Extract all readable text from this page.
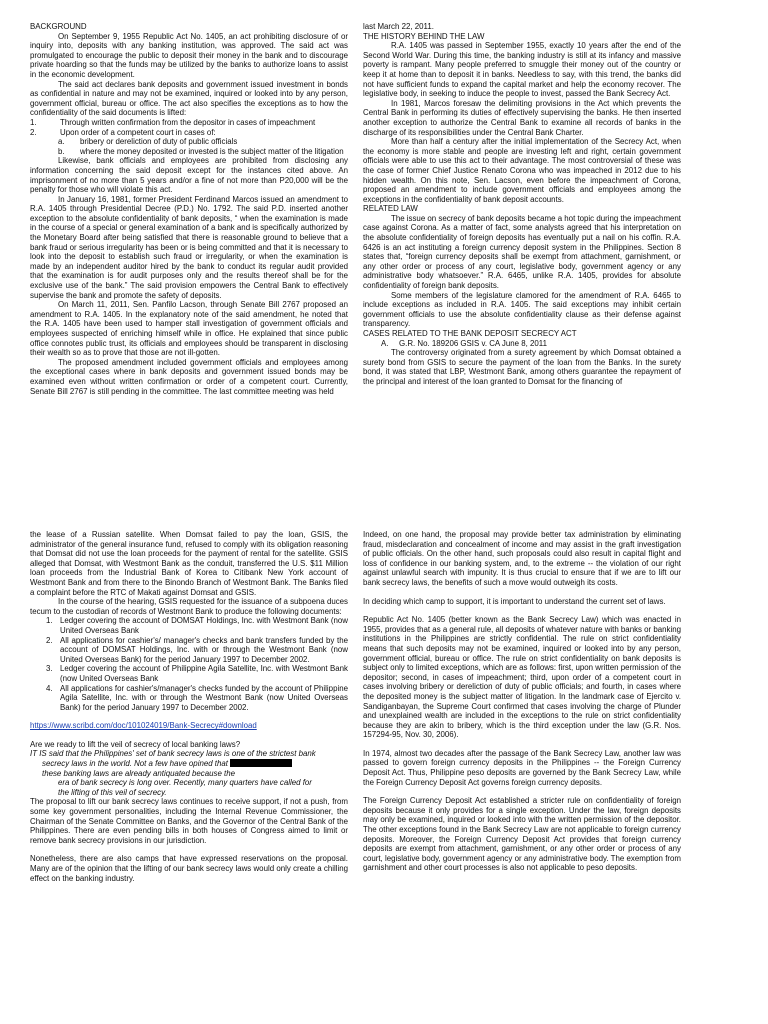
BACKGROUND

On September 9, 1955 Republic Act No. 1405, an act prohibiting disclosure of or inquiry into, deposits with any banking institution, was approved. The said act was promulgated to encourage the public to deposit their money in the bank and to discourage private hoarding so that the funds may be utilized by the banks to authorize loans to assist in the economic development.

The said act declares bank deposits and government issued investment in bonds as confidential in nature and may not be examined, inquired or looked into by any person, government official, bureau or office. The act also specifies the exceptions as to how the confidentiality of the said documents is lifted:

1.	Through written confirmation from the depositor in cases of impeachment
2.	Upon order of a competent court in cases of:
a.	bribery or dereliction of duty of public officials
b.	where the money deposited or invested is the subject matter of the litigation

Likewise, bank officials and employees are prohibited from disclosing any information concerning the said deposit except for the instances cited above. An imprisonment of no more than 5 years and/or a fine of not more than P20,000 will be the penalty for those who will violate this act.

In January 16, 1981, former President Ferdinand Marcos issued an amendment to R.A. 1405 through Presidential Decree (P.D.) No. 1792. The said P.D. inserted another exception to the absolute confidentiality of bank deposits, “ when the examination is made in the course of a special or general examination of a bank and is specifically authorized by the Monetary Board after being satisfied that there is reasonable ground to believe that a bank fraud or serious irregularity has been or is being committed and that it is necessary to look into the deposit to establish such fraud or irregularity, or when the examination is made by an independent auditor hired by the bank to conduct its regular audit provided that the examination is for audit purposes only and the results thereof shall be for the exclusive use of the bank.” The said provision empowers the Central Bank to effectively supervise the bank and promote the safety of deposits.

On March 11, 2011, Sen. Panfilo Lacson, through Senate Bill 2767 proposed an amendment to R.A. 1405. In the explanatory note of the said amendment, he noted that the R.A. 1405 have been used to hamper stall investigation of government officials and employees suspected of enriching himself while in office. He explained that since public office connotes public trust, its officials and employees should be transparent in disclosing their wealth so as to prove that those are not ill-gotten.

The proposed amendment included government officials and employees among the exceptional cases where in bank deposits and government issued bonds may be examined even without written confirmation or order of a competent court. Currently, Senate Bill 2767 is still pending in the committee. The last committee meeting was held

last March 22, 2011.

THE HISTORY BEHIND THE LAW

R.A. 1405 was passed in September 1955, exactly 10 years after the end of the Second World War. During this time, the banking industry is still at its infancy and massive poverty is rampant. Many people preferred to smuggle their money out of the country or keep it at home than to deposit it in banks. Needless to say, with this trend, the banks did not have sufficient funds to expand the capital market and help the economy recover. The legislative body, in seeking to induce the people to invest, passed the Bank Secrecy Act.

In 1981, Marcos foresaw the delimiting provisions in the Act which prevents the Central Bank in performing its duties of effectively supervising the banks. He then inserted another exception to authorize the Central Bank to examine all records of banks in the discharge of its responsibilities under the Central Bank Charter.

More than half a century after the initial implementation of the Secrecy Act, when the economy is more stable and people are investing left and right, certain government officials were able to use this act to their advantage. The most controversial of these was the case of former Chief Justice Renato Corona who was impeached in 2012 due to his hidden wealth. On this note, Sen. Lacson, even before the impeachment of Corona, proposed an amendment to include government officials and employees among the exceptions in the confidentiality of bank deposit accounts.

RELATED LAW

The issue on secrecy of bank deposits became a hot topic during the impeachment case against Corona. As a matter of fact, some analysts agreed that his interpretation on the absolute confidentiality of foreign deposits has eventually put a nail on his coffin. R.A. 6426 is an act instituting a foreign currency deposit system in the Philippines. Section 8 states that, “foreign currency deposits shall be exempt from attachment, garnishment, or any other order or process of any court, legislative body, government agency or any administrative body whatsoever.” R.A. 6465, unlike R.A. 1405, provides for absolute confidentiality of foreign bank deposits.

Some members of the legislature clamored for the amendment of R.A. 6465 to include exceptions as included in R.A. 1405. The said exceptions may inhibit certain government officials to use the absolute confidentiality clause as their defense against transparency.

CASES RELATED TO THE BANK DEPOSIT SECRECY ACT

A.	G.R. No. 189206 GSIS v. CA June 8, 2011

The controversy originated from a surety agreement by which Domsat obtained a surety bond from GSIS to secure the payment of the loan from the Banks. In the surety bond, it was stated that LBP, Westmont Bank, among others guarantee the repayment of the principal and interest of the loan granted to Domsat for the financing of

the lease of a Russian satellite. When Domsat failed to pay the loan, GSIS, the administrator of the general insurance fund, refused to comply with its obligation reasoning that Domsat did not use the loan proceeds for the payment of rental for the satellite. GSIS alleged that Domsat, with Westmont Bank as the conduit, transferred the U.S. $11 Million loan proceeds from the Industrial Bank of Korea to Citibank New York account of Westmont Bank and from there to the Binondo Branch of Westmont Bank. The Banks filed a complaint before the RTC of Makati against Domsat and GSIS.

In the course of the hearing, GSIS requested for the issuance of a subpoena duces tecum to the custodian of records of Westmont Bank to produce the following documents:

1. Ledger covering the account of DOMSAT Holdings, Inc. with Westmont Bank (now United Overseas Bank
2. All applications for cashier's/ manager's checks and bank transfers funded by the account of DOMSAT Holdings, Inc. with or through the Westmont Bank (now United Overseas Bank) for the period January 1997 to December 2002.
3. Ledger covering the account of Philippine Agila Satellite, Inc. with Westmont Bank (now United Overseas Bank
4. All applications for cashier's/manager's checks funded by the account of Philippine Agila Satellite, Inc. with or through the Westmont Bank (now United Overseas Bank) for the period January 1997 to December 2002.

https://www.scribd.com/doc/101024019/Bank-Secrecy#download

Are we ready to lift the veil of secrecy of local banking laws?

IT IS said that the Philippines' set of bank secrecy laws is one of the strictest bank

secrecy laws in the world. Not a few have opined that

these banking laws are already antiquated because the

era of bank secrecy is long over. Recently, many quarters have called for

the lifting of this veil of secrecy.

The proposal to lift our bank secrecy laws continues to receive support, if not a push, from some key government personalities, including the Internal Revenue Commissioner, the Chairman of the Senate Committee on Banks, and the Governor of the Central Bank of the Philippines. There are even pending bills in both houses of Congress aimed to limit or remove bank secrecy provisions in our jurisdiction.

Nonetheless, there are also camps that have expressed reservations on the proposal. Many are of the opinion that the lifting of our bank secrecy laws would only create a chilling effect on the banking industry.

Indeed, on one hand, the proposal may provide better tax administration by eliminating fraud, misdeclaration and concealment of income and may assist in the graft investigation of public officials. On the other hand, such proposals could also result in capital flight and loss of confidence in our banking system, and, to the extreme -- the violation of our right against unlawful search with impunity. It is thus crucial to ensure that if we are to lift our bank secrecy laws, the benefits of such a move would outweigh its costs.

In deciding which camp to support, it is important to understand the current set of laws.

Republic Act No. 1405 (better known as the Bank Secrecy Law) which was enacted in 1955, provides that as a general rule, all deposits of whatever nature with banks or banking institutions in the Philippines are strictly confidential. The rule on strict confidentiality means that such deposits may not be examined, inquired or looked into by any person, government official, bureau or office. The rule on strict confidentiality on bank deposits is subject only to limited exceptions, which are as follows: first, upon written permission of the depositor; second, in cases of impeachment; third, upon order of a competent court in cases involving bribery or dereliction of duty of public officials; and fourth, in cases where the deposited money is the subject matter of litigation. In the landmark case of Ejercito v. Sandiganbayan, the Supreme Court confirmed that cases involving the charge of Plunder and unexplained wealth are included in the exceptions to the rule on strict confidentiality because they are akin to bribery, which is the third exception under the law (G.R. Nos. 157294-95, Nov. 30, 2006).

In 1974, almost two decades after the passage of the Bank Secrecy Law, another law was passed to govern foreign currency deposits in the Philippines -- the Foreign Currency Deposit Act. Thus, Philippine peso deposits are governed by the Bank Secrecy Law, while the Foreign Currency Deposit Act governs foreign currency deposits.

The Foreign Currency Deposit Act established a stricter rule on confidentiality of foreign deposits because it only provides for a single exception. Under the law, foreign deposits may only be examined, inquired or looked into with the written permission of the depositor. The other exceptions found in the Bank Secrecy Law are not applicable to foreign currency deposits. Moreover, the Foreign Currency Deposit Act provides that foreign currency deposits are exempt from attachment, garnishment, or any other order or process of any court, legislative body, government agency or any administrative body. The exemption from garnishment and other court processes is also not applicable to peso deposits.
